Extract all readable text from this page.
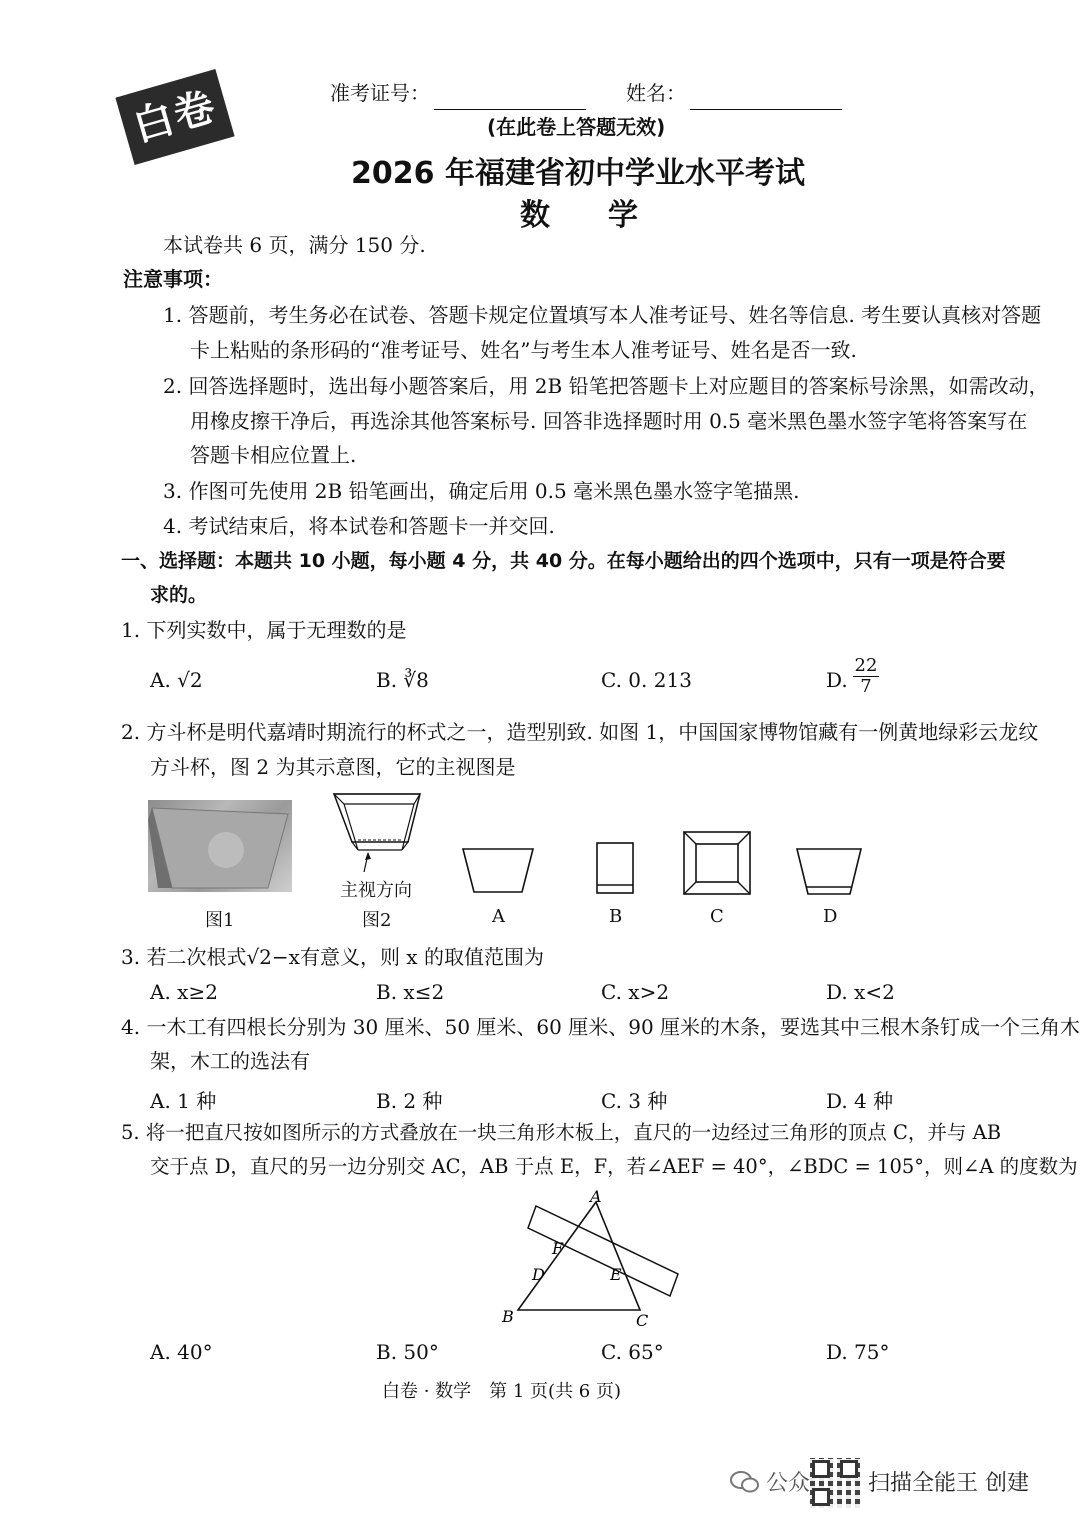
白卷	准考证号：	姓名：
(在此卷上答题无效)
2026 年福建省初中学业水平考试
数学
本试卷共 6 页，满分 150 分.
注意事项：
1. 答题前，考生务必在试卷、答题卡规定位置填写本人准考证号、姓名等信息. 考生要认真核对答题
卡上粘贴的条形码的“准考证号、姓名”与考生本人准考证号、姓名是否一致.
2. 回答选择题时，选出每小题答案后，用 2B 铅笔把答题卡上对应题目的答案标号涂黑，如需改动，
用橡皮擦干净后，再选涂其他答案标号. 回答非选择题时用 0.5 毫米黑色墨水签字笔将答案写在
答题卡相应位置上.
3. 作图可先使用 2B 铅笔画出，确定后用 0.5 毫米黑色墨水签字笔描黑.
4. 考试结束后，将本试卷和答题卡一并交回.
一、选择题：本题共 10 小题，每小题 4 分，共 40 分。在每小题给出的四个选项中，只有一项是符合要
求的。
1. 下列实数中，属于无理数的是
A. √2	B. ∛8	C. 0. 213	D. $\frac{22}{7}$
2. 方斗杯是明代嘉靖时期流行的杯式之一，造型别致. 如图 1，中国国家博物馆藏有一例黄地绿彩云龙纹
方斗杯，图 2 为其示意图，它的主视图是
图1
主视方向
图2	A	B	C	D
3. 若二次根式√2−x有意义，则 x 的取值范围为
A. x≥2	B. x≤2	C. x>2	D. x<2
4. 一木工有四根长分别为 30 厘米、50 厘米、60 厘米、90 厘米的木条，要选其中三根木条钉成一个三角木
架，木工的选法有
A. 1 种	B. 2 种	C. 3 种	D. 4 种
5. 将一把直尺按如图所示的方式叠放在一块三角形木板上，直尺的一边经过三角形的顶点 C，并与 AB
交于点 D，直尺的另一边分别交 AC，AB 于点 E，F，若∠AEF = 40°，∠BDC = 105°，则∠A 的度数为
A
B	C
D	E
F
A. 40°	B. 50°	C. 65°	D. 75°
白卷 · 数学　第 1 页(共 6 页)
公众	扫描全能王 创建
